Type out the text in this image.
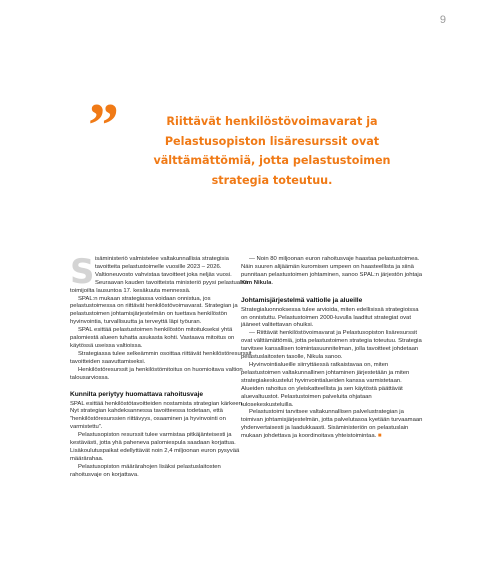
9
”	Riittävät henkilöstövoimavarat ja
Pelastusopiston lisäresurssit ovat
välttämättömiä, jotta pelastustoimen
strategia toteutuu.
S isäministeriö valmistelee valtakunnallisia strategisia tavoitteita pelastustoimelle vuosille 2023 – 2026. Valtioneuvosto vahvistaa tavoitteet joka neljäs vuosi. Seuraavan kauden tavoitteista ministeriö pyysi pelastualan toimijoilta lausuntoa 17. kesäkuuta mennessä.

SPAL:n mukaan strategiassa voidaan onnistua, jos pelastustoimessa on riittävät henkilöstövoimavarat. Strategian ja pelastustoimen johtamisjärjestelmän on tuettava henkilöstön hyvinvointia, turvallisuutta ja terveyttä läpi työuran.

SPAL esittää pelastustoimen henkilöstön mitoitukseksi yhtä palomiestä alueen tuhatta asukasta kohti. Vastaava mitoitus on käytössä useissa valtioissa.

Strategiassa tulee selkeämmin osoittaa riittävät henkilöstöresurssit tavoitteiden saavuttamiseksi.

Henkilöstöresurssit ja henkilöstömitoitus on huomioitava valtion talousarviossa.

Kunnilta periytyy huomattava rahoitusvaje

SPAL esittää henkilöstötavoitteiden nostamista strategian kärkeen. Nyt strategian kahdeksannessa tavoitteessa todetaan, että ”henkilöstöresurssien riittävyys, osaaminen ja hyvinvointi on varmistettu”.

Pelastusopiston resurssit tulee varmistaa pitkäjänteisesti ja kestävästi, jotta yhä paheneva palomiespula saadaan korjattua. Lisäkoulutuspaikat edellyttävät noin 2,4 miljoonan euron pysyvää määrärahaa.

Pelastusopiston määrärahojen lisäksi pelastuslaitosten rahoitusvaje on korjattava.

— Noin 80 miljoonan euron rahoitusvaje haastaa pelastustoimea. Näin suuren alijäämän kuromisen umpeen on haasteellista ja siinä punnitaan pelastustoimen johtaminen, sanoo SPAL:n järjestön johtaja Kim Nikula.

Johtamisjärjestelmä valtiolle ja alueille

Strategialuonnoksessa tulee arvioida, miten edellisissä strategioissa on onnistuttu. Pelastustoimen 2000-luvulla laaditut strategiat ovat jääneet valitettavan ohuiksi.

— Riittävät henkilöstövoimavarat ja Pelastusopiston lisäresurssit ovat välttämättömiä, jotta pelastustoimen strategia toteutuu. Strategia tarvitsee kansallisen toimintasuunnitelman, jolla tavoitteet johdetaan pelastuslaitosten tasolle, Nikula sanoo.

Hyvinvointialueille siirryttäessä ratkaistavaa on, miten pelastustoimen valtakunnallinen johtaminen järjestetään ja miten strategiakeskustelut hyvinvointialueiden kanssa varmistetaan. Alueiden rahoitus on yleiskatteellista ja sen käytöstä päättävät aluevaltuustot. Pelastustoimen palveluita ohjataan tulosekeskusteluilla.

Pelastustoimi tarvitsee valtakunnallisen palvelustrategian ja toimivan johtamisjärjestelmän, jotta palvelutasoa kyetään turvaamaan yhdenvertaisesti ja laadukkaasti. Sisäministeriön on pelastuslain mukaan johdettava ja koordinoitava yhteistoimintaa. ■
